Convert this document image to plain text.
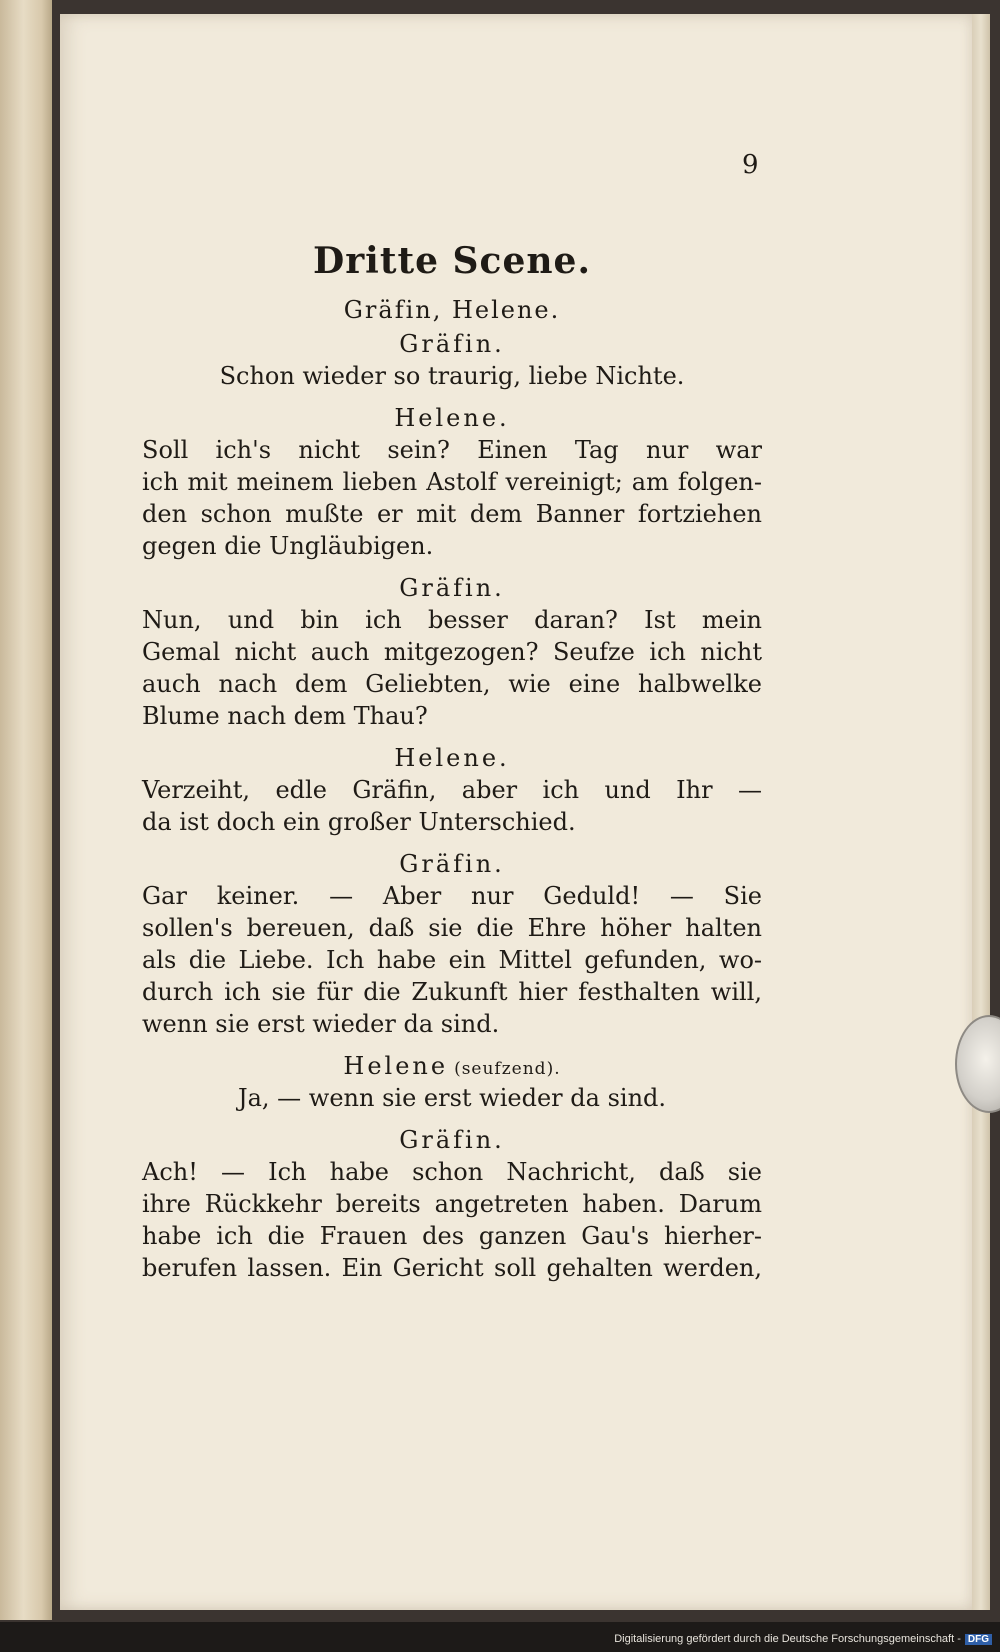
9
Dritte Scene.
Gräfin, Helene.
Gräfin.
Schon wieder so traurig, liebe Nichte.
Helene.
Soll ich's nicht sein? Einen Tag nur war
ich mit meinem lieben Astolf vereinigt; am folgen-
den schon mußte er mit dem Banner fortziehen
gegen die Ungläubigen.
Gräfin.
Nun, und bin ich besser daran? Ist mein
Gemal nicht auch mitgezogen? Seufze ich nicht
auch nach dem Geliebten, wie eine halbwelke
Blume nach dem Thau?
Helene.
Verzeiht, edle Gräfin, aber ich und Ihr —
da ist doch ein großer Unterschied.
Gräfin.
Gar keiner. — Aber nur Geduld! — Sie
sollen's bereuen, daß sie die Ehre höher halten
als die Liebe. Ich habe ein Mittel gefunden, wo-
durch ich sie für die Zukunft hier festhalten will,
wenn sie erst wieder da sind.
Helene (seufzend).
Ja, — wenn sie erst wieder da sind.
Gräfin.
Ach! — Ich habe schon Nachricht, daß sie
ihre Rückkehr bereits angetreten haben. Darum
habe ich die Frauen des ganzen Gau's hierher-
berufen lassen. Ein Gericht soll gehalten werden,
Digitalisierung gefördert durch die Deutsche Forschungsgemeinschaft - DFG
